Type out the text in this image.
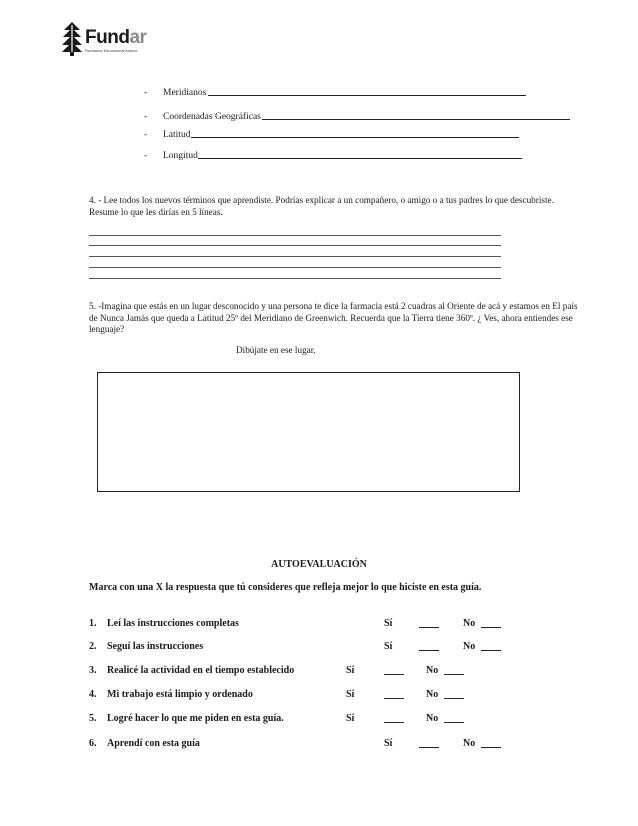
Fundar
Fundación Educacional Arauco
- Meridianos
- Coordenadas Geográficas
- Latitud
- Longitud
4. - Lee todos los nuevos términos que aprendiste. Podrías explicar a un compañero, o amigo o a tus padres lo que descubriste. Resume lo que les dirías en 5 líneas.
5. -Imagina que estás en un lugar desconocido y una persona te dice la farmacia está 2 cuadras al Oriente de acá y estamos en El país de Nunca Jamás que queda a Latitud 25º del Meridiano de Greenwich. Recuerda que la Tierra tiene 360º. ¿ Ves, ahora entiendes ese lenguaje?
Dibújate en ese lugar.
AUTOEVALUACIÓN
Marca con una X la respuesta que tú consideres que refleja mejor lo que hiciste en esta guía.
1. Leí las instrucciones completas	Sí	No
2. Seguí las instrucciones	Sí	No
3. Realicé la actividad en el tiempo establecido	Sí	No
4. Mi trabajo está limpio y ordenado	Sí	No
5. Logré hacer lo que me piden en esta guía.	Sí	No
6. Aprendí con esta guía	Sí	No
